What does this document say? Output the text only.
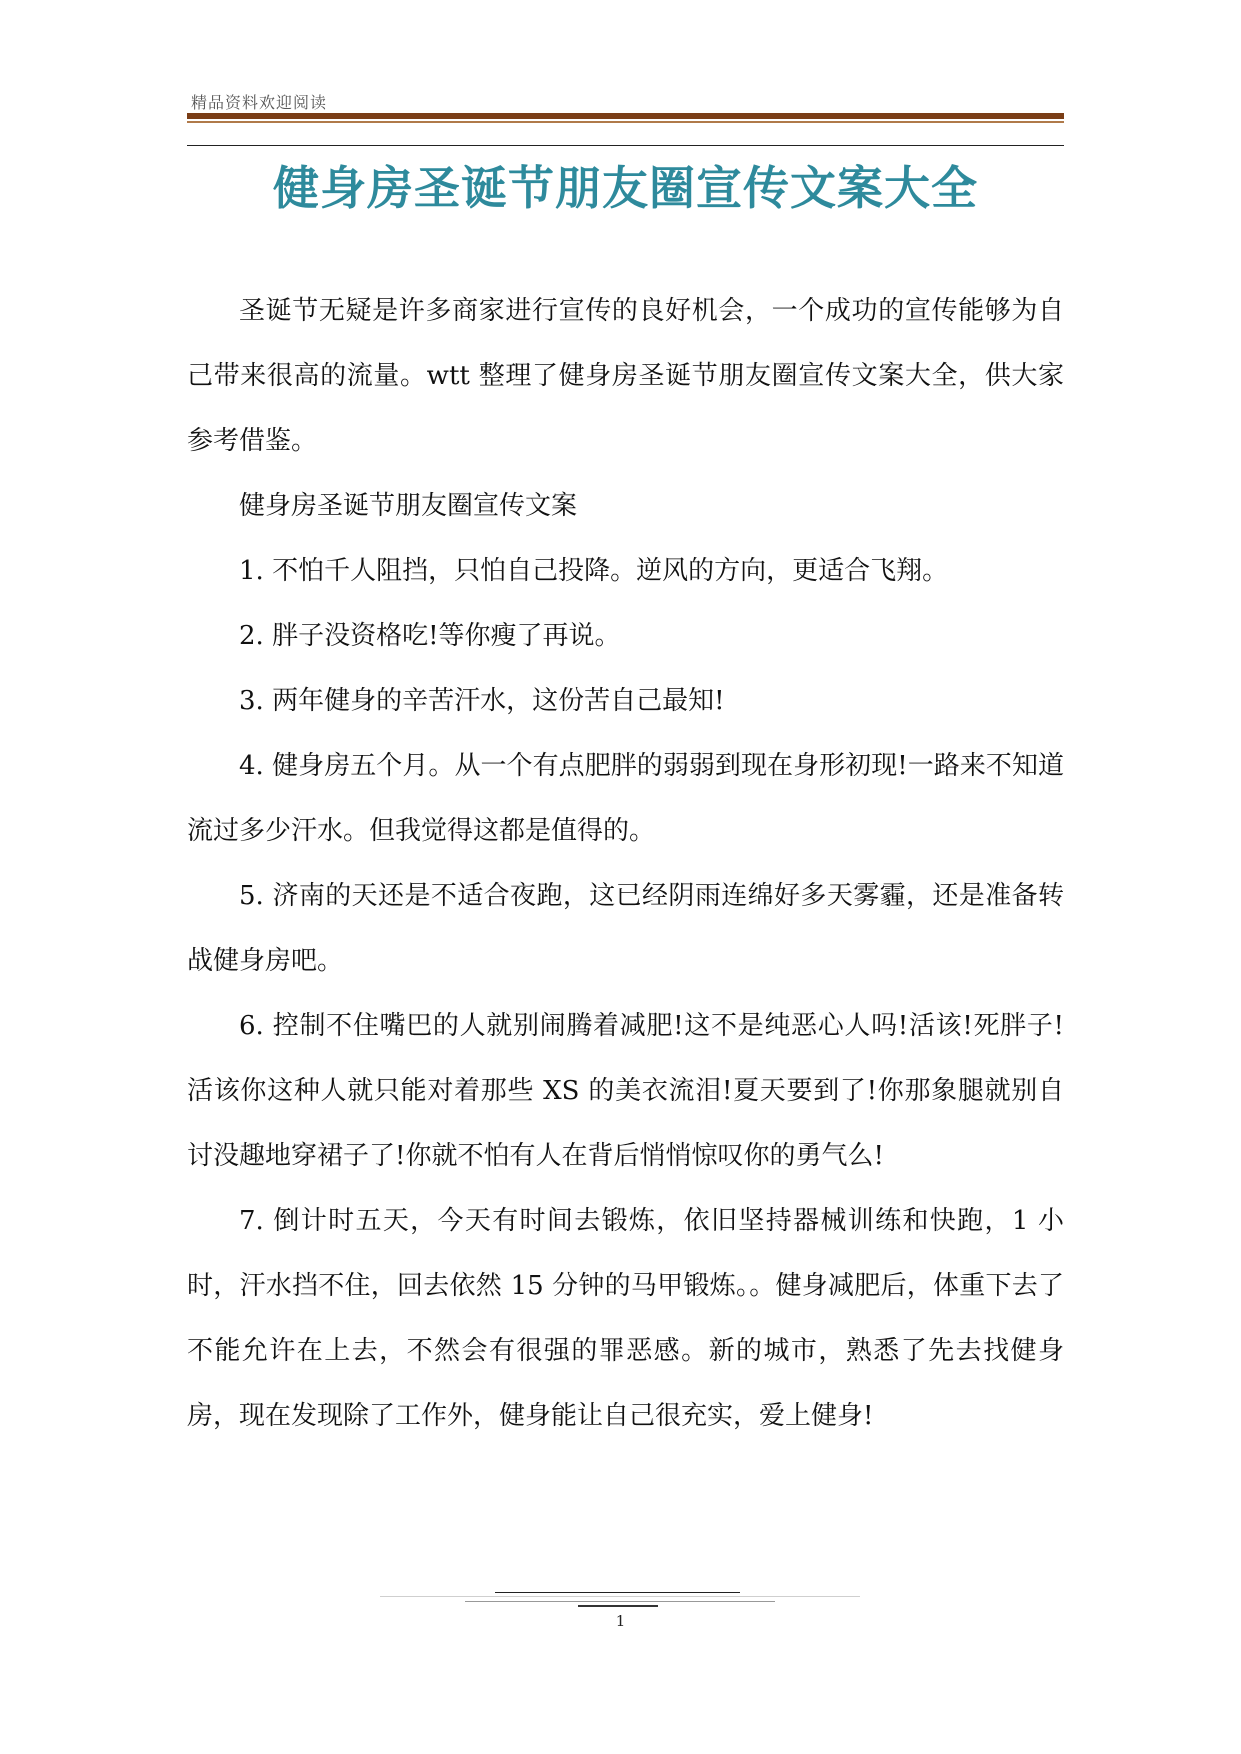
精品资料欢迎阅读
健身房圣诞节朋友圈宣传文案大全

圣诞节无疑是许多商家进行宣传的良好机会，一个成功的宣传能够为自己带来很高的流量。wtt 整理了健身房圣诞节朋友圈宣传文案大全，供大家参考借鉴。

健身房圣诞节朋友圈宣传文案

1. 不怕千人阻挡，只怕自己投降。逆风的方向，更适合飞翔。

2. 胖子没资格吃!等你瘦了再说。

3. 两年健身的辛苦汗水，这份苦自己最知!

4. 健身房五个月。从一个有点肥胖的弱弱到现在身形初现!一路来不知道流过多少汗水。但我觉得这都是值得的。

5. 济南的天还是不适合夜跑，这已经阴雨连绵好多天雾霾，还是准备转战健身房吧。

6. 控制不住嘴巴的人就别闹腾着减肥!这不是纯恶心人吗!活该!死胖子!活该你这种人就只能对着那些 XS 的美衣流泪!夏天要到了!你那象腿就别自讨没趣地穿裙子了!你就不怕有人在背后悄悄惊叹你的勇气么!

7. 倒计时五天，今天有时间去锻炼，依旧坚持器械训练和快跑，1 小时，汗水挡不住，回去依然 15 分钟的马甲锻炼。。健身减肥后，体重下去了不能允许在上去，不然会有很强的罪恶感。新的城市，熟悉了先去找健身房，现在发现除了工作外，健身能让自己很充实，爱上健身!

1
